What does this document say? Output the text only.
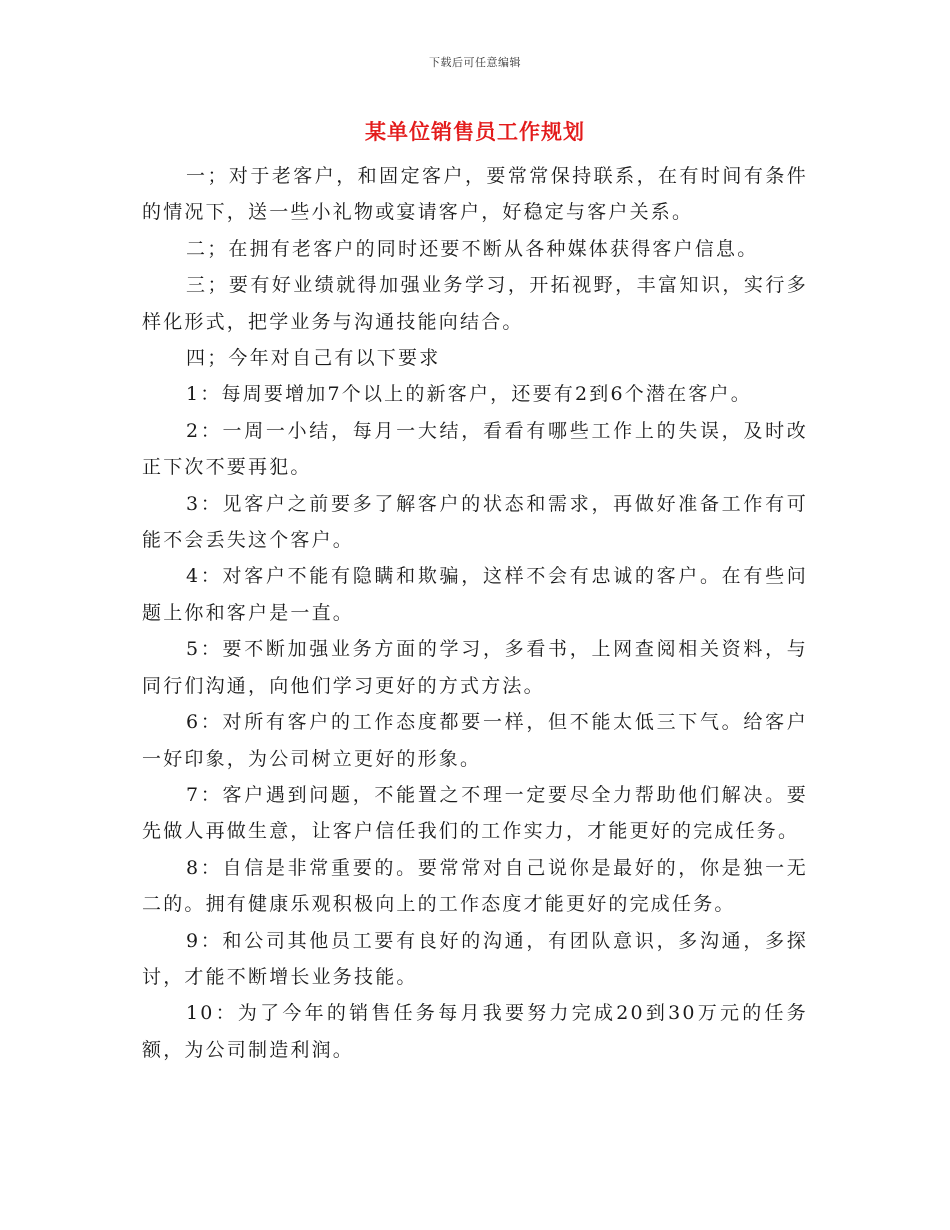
下载后可任意编辑
某单位销售员工作规划

一；对于老客户，和固定客户，要常常保持联系，在有时间有条件的情况下，送一些小礼物或宴请客户，好稳定与客户关系。

二；在拥有老客户的同时还要不断从各种媒体获得客户信息。

三；要有好业绩就得加强业务学习，开拓视野，丰富知识，实行多样化形式，把学业务与沟通技能向结合。

四；今年对自己有以下要求

1：每周要增加7个以上的新客户，还要有2到6个潜在客户。

2：一周一小结，每月一大结，看看有哪些工作上的失误，及时改正下次不要再犯。

3：见客户之前要多了解客户的状态和需求，再做好准备工作有可能不会丢失这个客户。

4：对客户不能有隐瞒和欺骗，这样不会有忠诚的客户。在有些问题上你和客户是一直。

5：要不断加强业务方面的学习，多看书，上网查阅相关资料，与同行们沟通，向他们学习更好的方式方法。

6：对所有客户的工作态度都要一样，但不能太低三下气。给客户一好印象，为公司树立更好的形象。

7：客户遇到问题，不能置之不理一定要尽全力帮助他们解决。要先做人再做生意，让客户信任我们的工作实力，才能更好的完成任务。

8：自信是非常重要的。要常常对自己说你是最好的，你是独一无二的。拥有健康乐观积极向上的工作态度才能更好的完成任务。

9：和公司其他员工要有良好的沟通，有团队意识，多沟通，多探讨，才能不断增长业务技能。

10：为了今年的销售任务每月我要努力完成20到30万元的任务额，为公司制造利润。
